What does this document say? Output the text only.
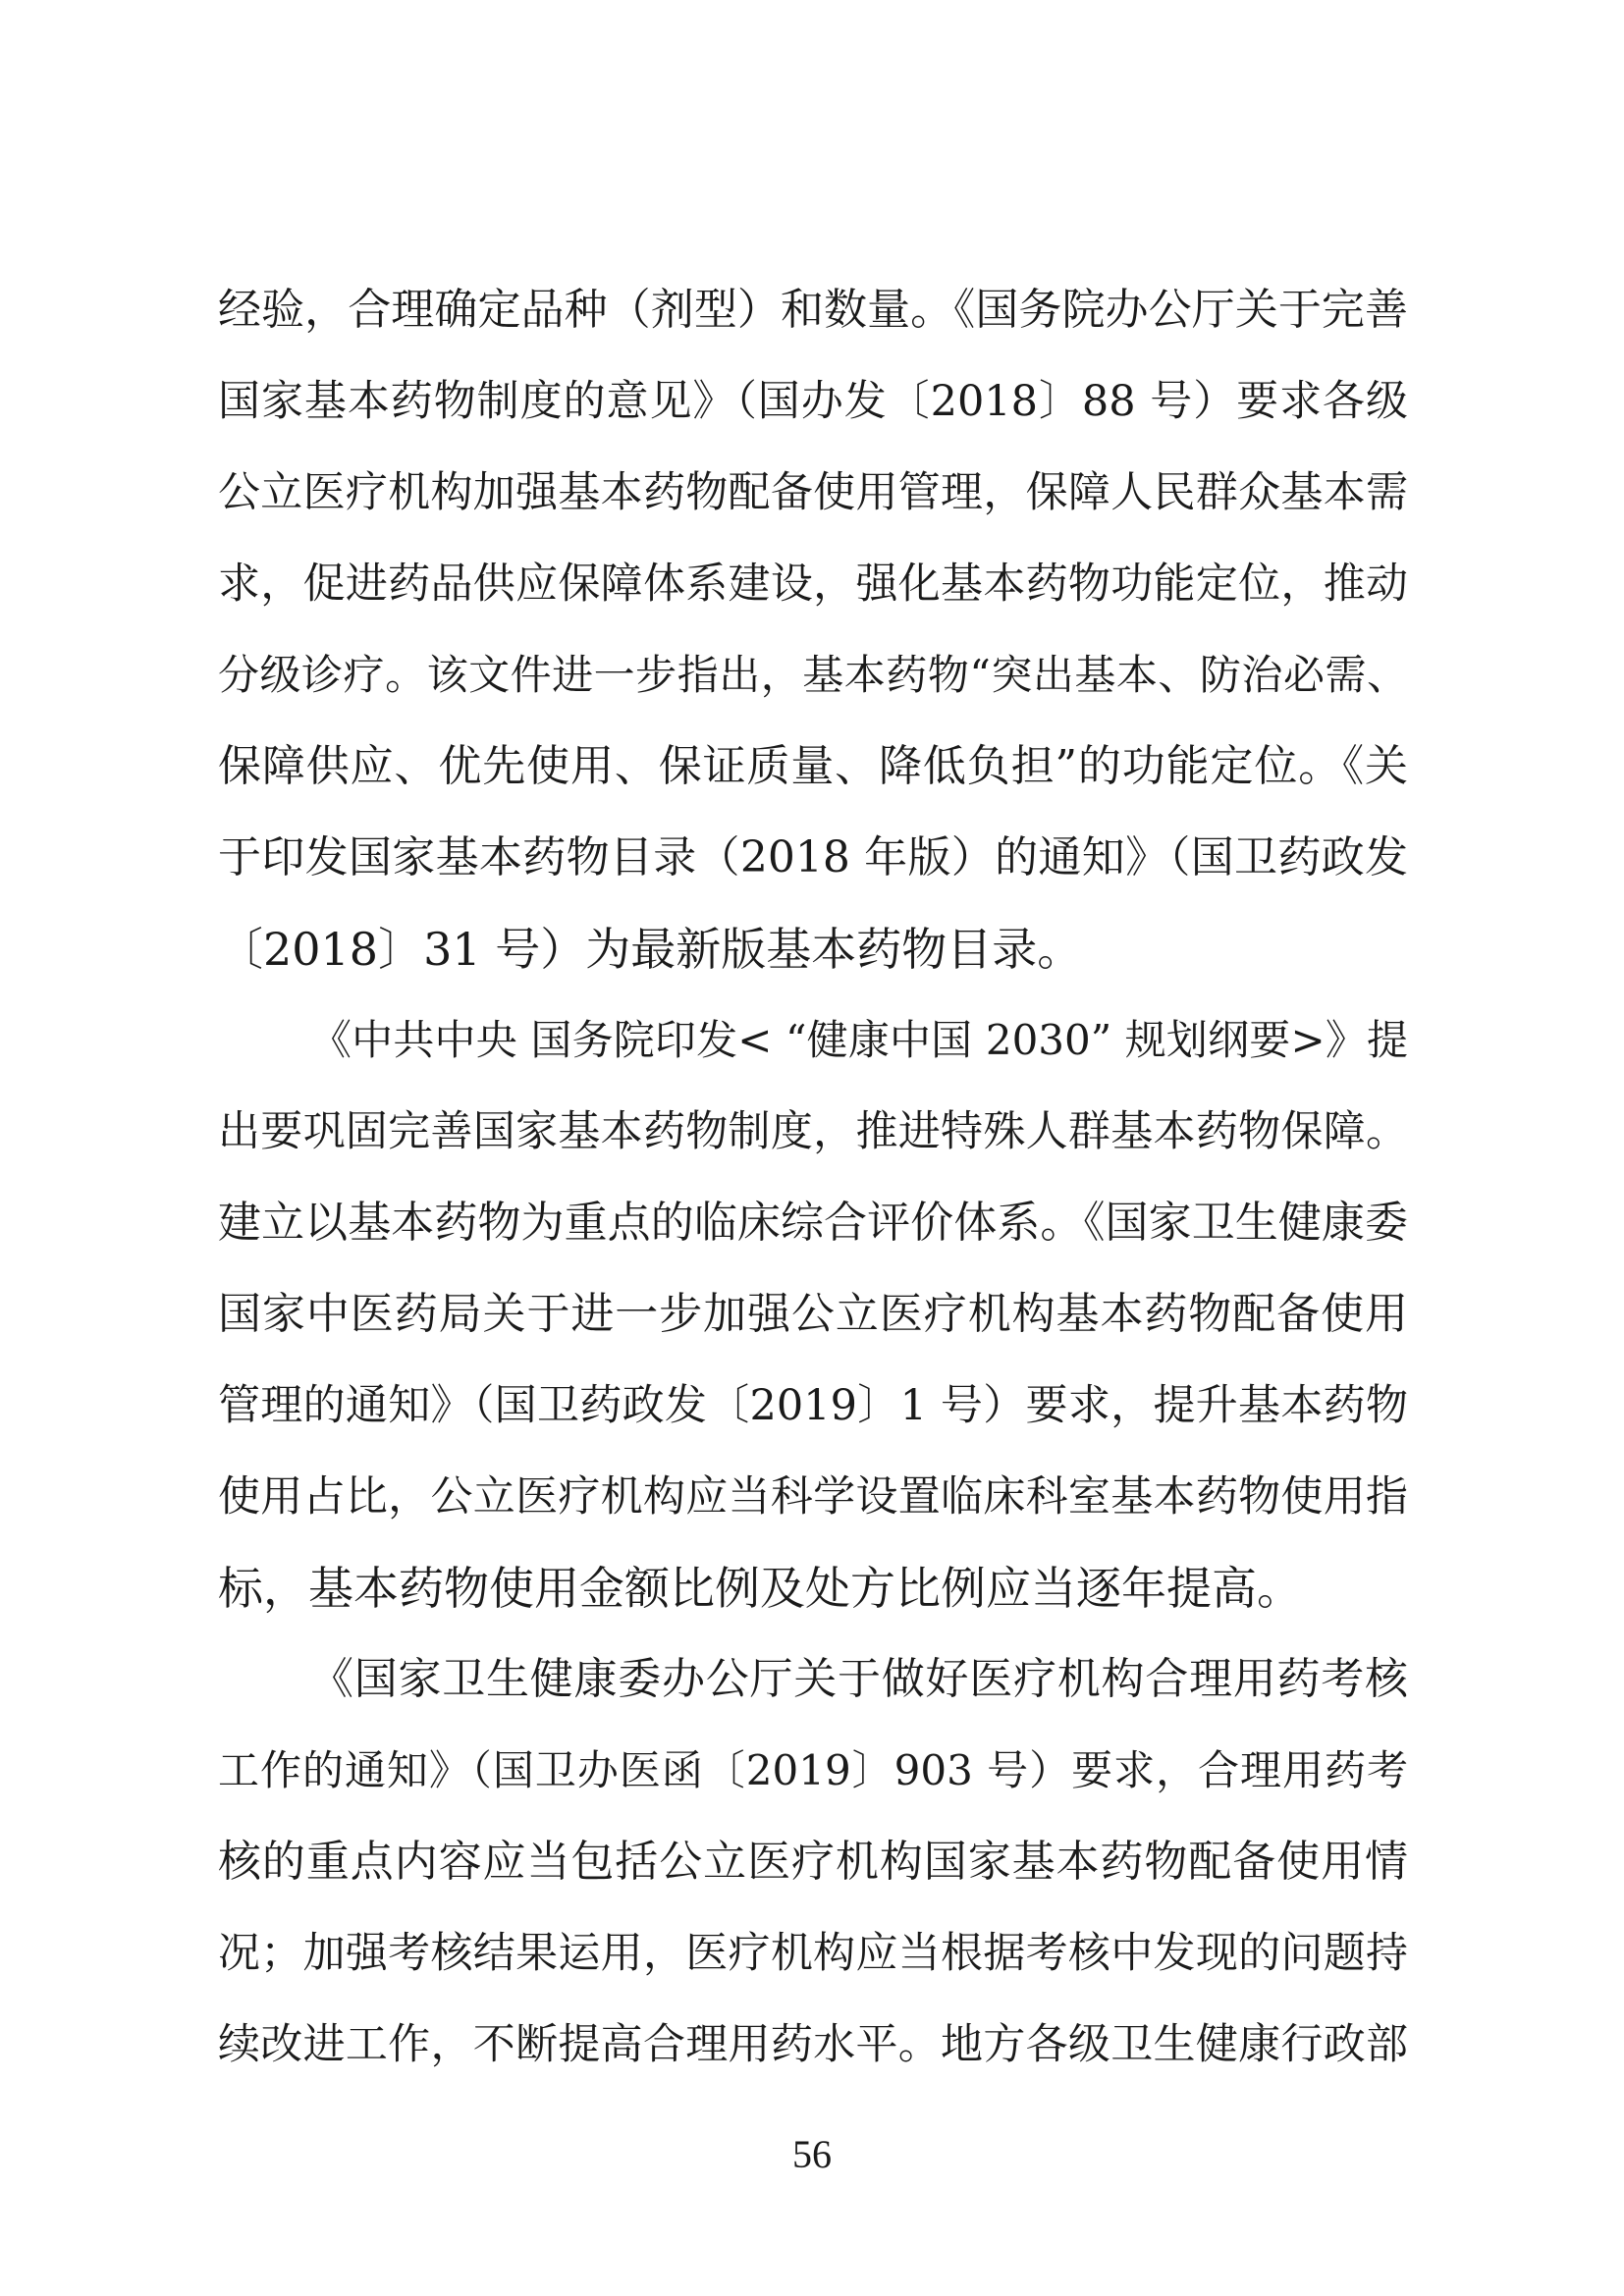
经验，合理确定品种（剂型）和数量。《国务院办公厅关于完善
国家基本药物制度的意见》（国办发〔2018〕88 号）要求各级
公立医疗机构加强基本药物配备使用管理，保障人民群众基本需
求，促进药品供应保障体系建设，强化基本药物功能定位，推动
分级诊疗。该文件进一步指出，基本药物“突出基本、防治必需、
保障供应、优先使用、保证质量、降低负担”的功能定位。《关
于印发国家基本药物目录（2018 年版）的通知》（国卫药政发
〔2018〕31 号）为最新版基本药物目录。
《中共中央 国务院印发< “健康中国 2030” 规划纲要>》提
出要巩固完善国家基本药物制度，推进特殊人群基本药物保障。
建立以基本药物为重点的临床综合评价体系。《国家卫生健康委
国家中医药局关于进一步加强公立医疗机构基本药物配备使用
管理的通知》（国卫药政发〔2019〕1 号）要求，提升基本药物
使用占比，公立医疗机构应当科学设置临床科室基本药物使用指
标，基本药物使用金额比例及处方比例应当逐年提高。
《国家卫生健康委办公厅关于做好医疗机构合理用药考核
工作的通知》（国卫办医函〔2019〕903 号）要求，合理用药考
核的重点内容应当包括公立医疗机构国家基本药物配备使用情
况；加强考核结果运用，医疗机构应当根据考核中发现的问题持
续改进工作，不断提高合理用药水平。地方各级卫生健康行政部
56
